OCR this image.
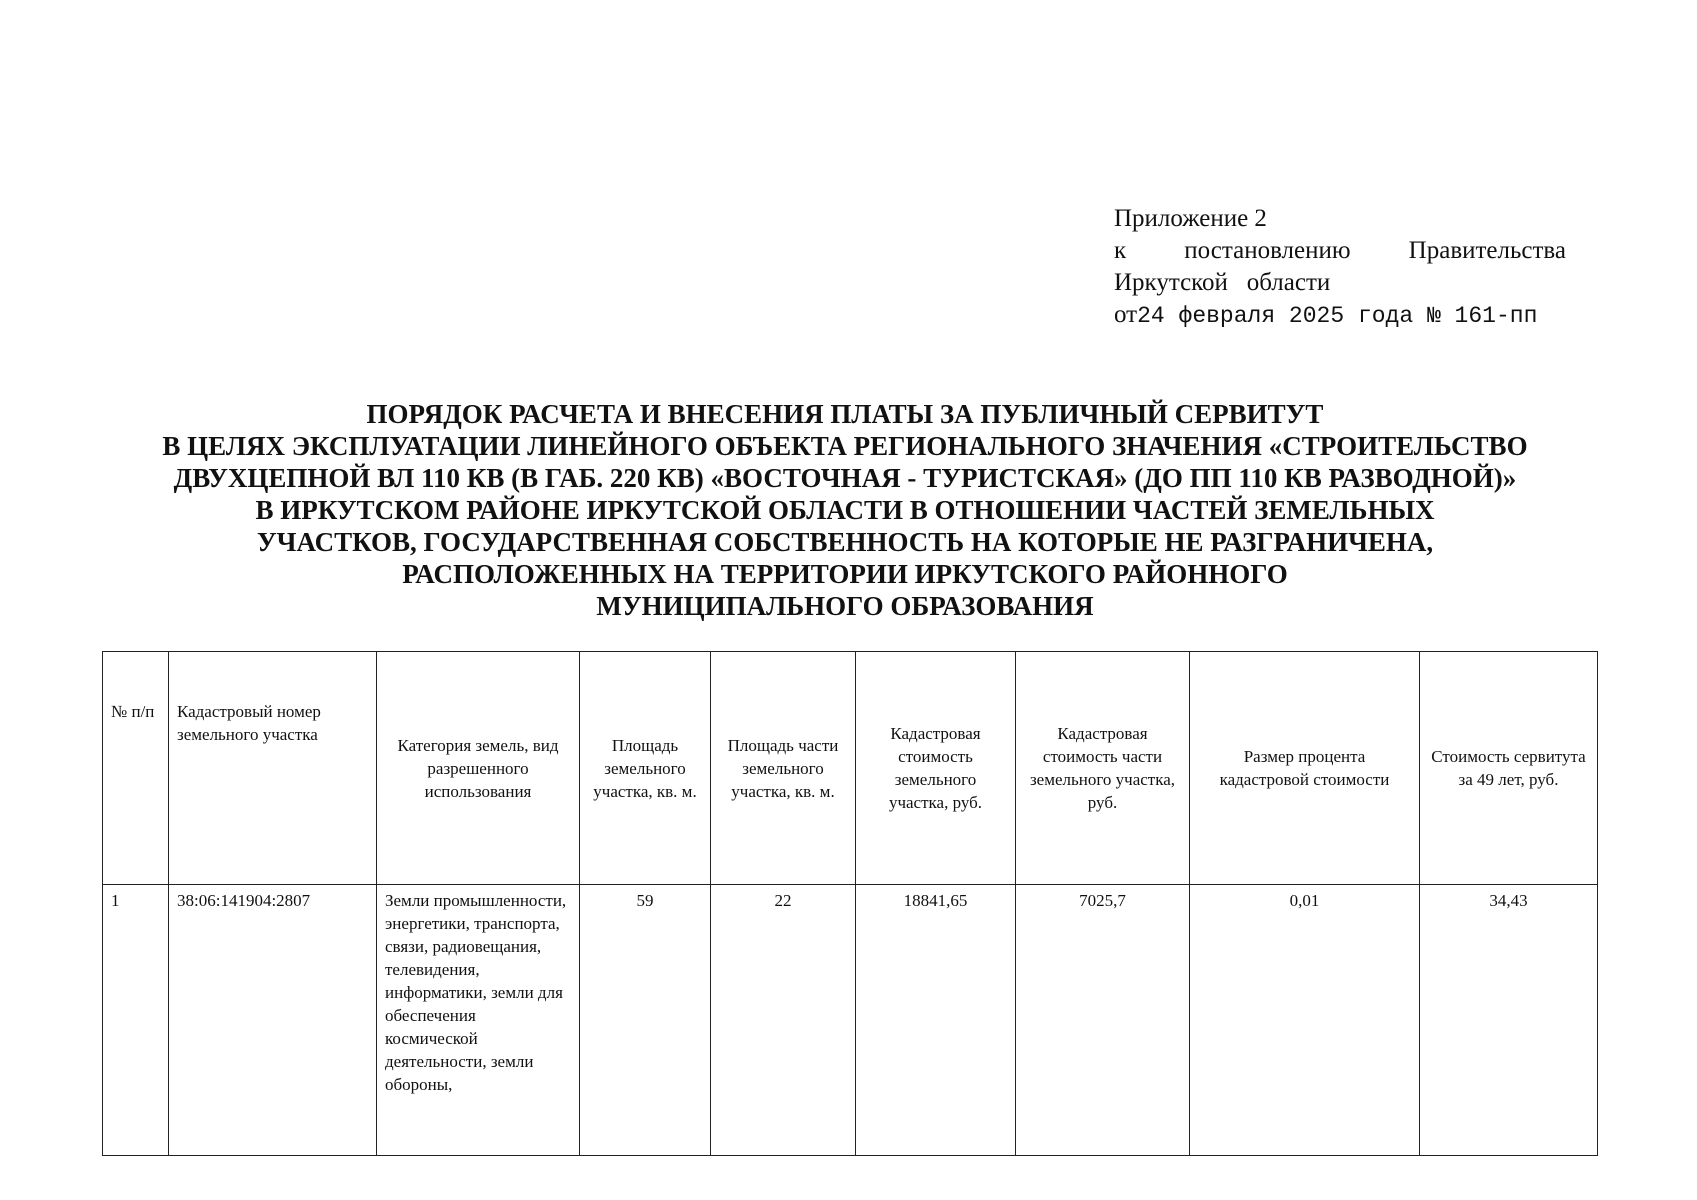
Приложение 2
к постановлению Правительства
Иркутской области
от24 февраля 2025 года № 161-пп
ПОРЯДОК РАСЧЕТА И ВНЕСЕНИЯ ПЛАТЫ ЗА ПУБЛИЧНЫЙ СЕРВИТУТ
В ЦЕЛЯХ ЭКСПЛУАТАЦИИ ЛИНЕЙНОГО ОБЪЕКТА РЕГИОНАЛЬНОГО ЗНАЧЕНИЯ «СТРОИТЕЛЬСТВО
ДВУХЦЕПНОЙ ВЛ 110 КВ (В ГАБ. 220 КВ) «ВОСТОЧНАЯ - ТУРИСТСКАЯ» (ДО ПП 110 КВ РАЗВОДНОЙ)»
В ИРКУТСКОМ РАЙОНЕ ИРКУТСКОЙ ОБЛАСТИ В ОТНОШЕНИИ ЧАСТЕЙ ЗЕМЕЛЬНЫХ
УЧАСТКОВ, ГОСУДАРСТВЕННАЯ СОБСТВЕННОСТЬ НА КОТОРЫЕ НЕ РАЗГРАНИЧЕНА,
РАСПОЛОЖЕННЫХ НА ТЕРРИТОРИИ ИРКУТСКОГО РАЙОННОГО
МУНИЦИПАЛЬНОГО ОБРАЗОВАНИЯ
№ п/п	Кадастровый номер земельного участка	Категория земель, вид разрешенного использования	Площадь земельного участка, кв. м.	Площадь части земельного участка, кв. м.	Кадастровая стоимость земельного участка, руб.	Кадастровая стоимость части земельного участка, руб.	Размер процента кадастровой стоимости	Стоимость сервитута за 49 лет, руб.
1	38:06:141904:2807	Земли промышленности, энергетики, транспорта, связи, радиовещания, телевидения, информатики, земли для обеспечения космической деятельности, земли обороны,	59	22	18841,65	7025,7	0,01	34,43
